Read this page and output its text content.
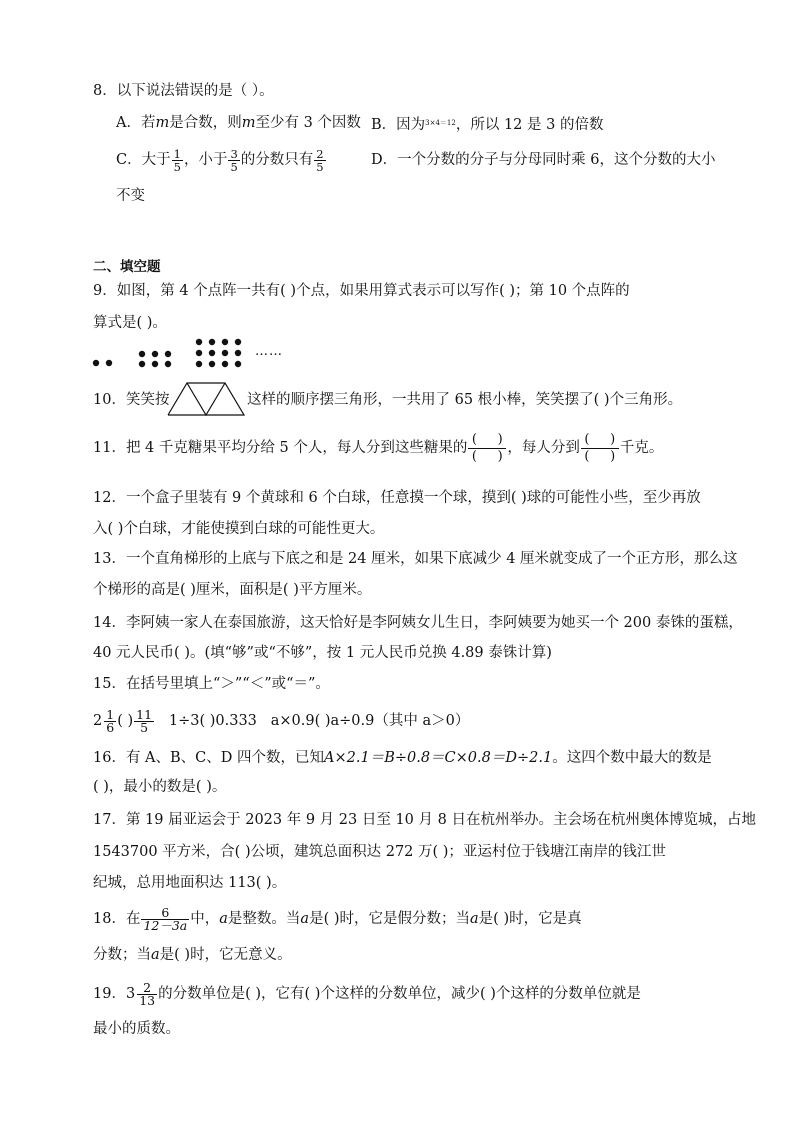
8．以下说法错误的是（ ）。
A．若m是合数，则m至少有 3 个因数 B．因为$^{3\times 4=12}$，所以 12 是 3 的倍数
C．大于 $\frac{1}{5}$ ，小于 $\frac{3}{5}$ 的分数只有 $\frac{2}{5}$	D．一个分数的分子与分母同时乘 6，这个分数的大小
不变
二、填空题
9．如图，第 4 个点阵一共有( )个点，如果用算式表示可以写作( )；第 10 个点阵的
算式是( )。
……
10．笑笑按	这样的顺序摆三角形，一共用了 65 根小棒，笑笑摆了( )个三角形。
11．把 4 千克糖果平均分给 5 个人，每人分到这些糖果的 $\frac{( )}{( )}$ ，每人分到 $\frac{( )}{( )}$ 千克。
12．一个盒子里装有 9 个黄球和 6 个白球，任意摸一个球，摸到( )球的可能性小些，至少再放
入( )个白球，才能使摸到白球的可能性更大。
13．一个直角梯形的上底与下底之和是 24 厘米，如果下底减少 4 厘米就变成了一个正方形，那么这
个梯形的高是( )厘米，面积是( )平方厘米。
14．李阿姨一家人在泰国旅游，这天恰好是李阿姨女儿生日，李阿姨要为她买一个 200 泰铢的蛋糕，
40 元人民币( )。(填“够”或“不够”，按 1 元人民币兑换 4.89 泰铢计算)
15．在括号里填上“＞”“＜”或“＝”。
$2 \frac{1}{6}$ ( ) $\frac{11}{5} 1\div 3$( )0.333 a×0.9( )a÷0.9（其中 a＞0）
16．有 A、B、C、D 四个数，已知A×2.1＝B÷0.8＝C×0.8＝D÷2.1。这四个数中最大的数是
( )，最小的数是( )。
17．第 19 届亚运会于 2023 年 9 月 23 日至 10 月 8 日在杭州举办。主会场在杭州奥体博览城，占地
1543700 平方米，合( )公顷，建筑总面积达 272 万( )；亚运村位于钱塘江南岸的钱江世
纪城，总用地面积达 113( )。
18．在 $\frac{6}{12-3a}$ 中，a是整数。当a是( )时，它是假分数；当a是( )时，它是真
分数；当a是( )时，它无意义。
19． $3 \frac{2}{13}$ 的分数单位是( )，它有( )个这样的分数单位，减少( )个这样的分数单位就是
最小的质数。
